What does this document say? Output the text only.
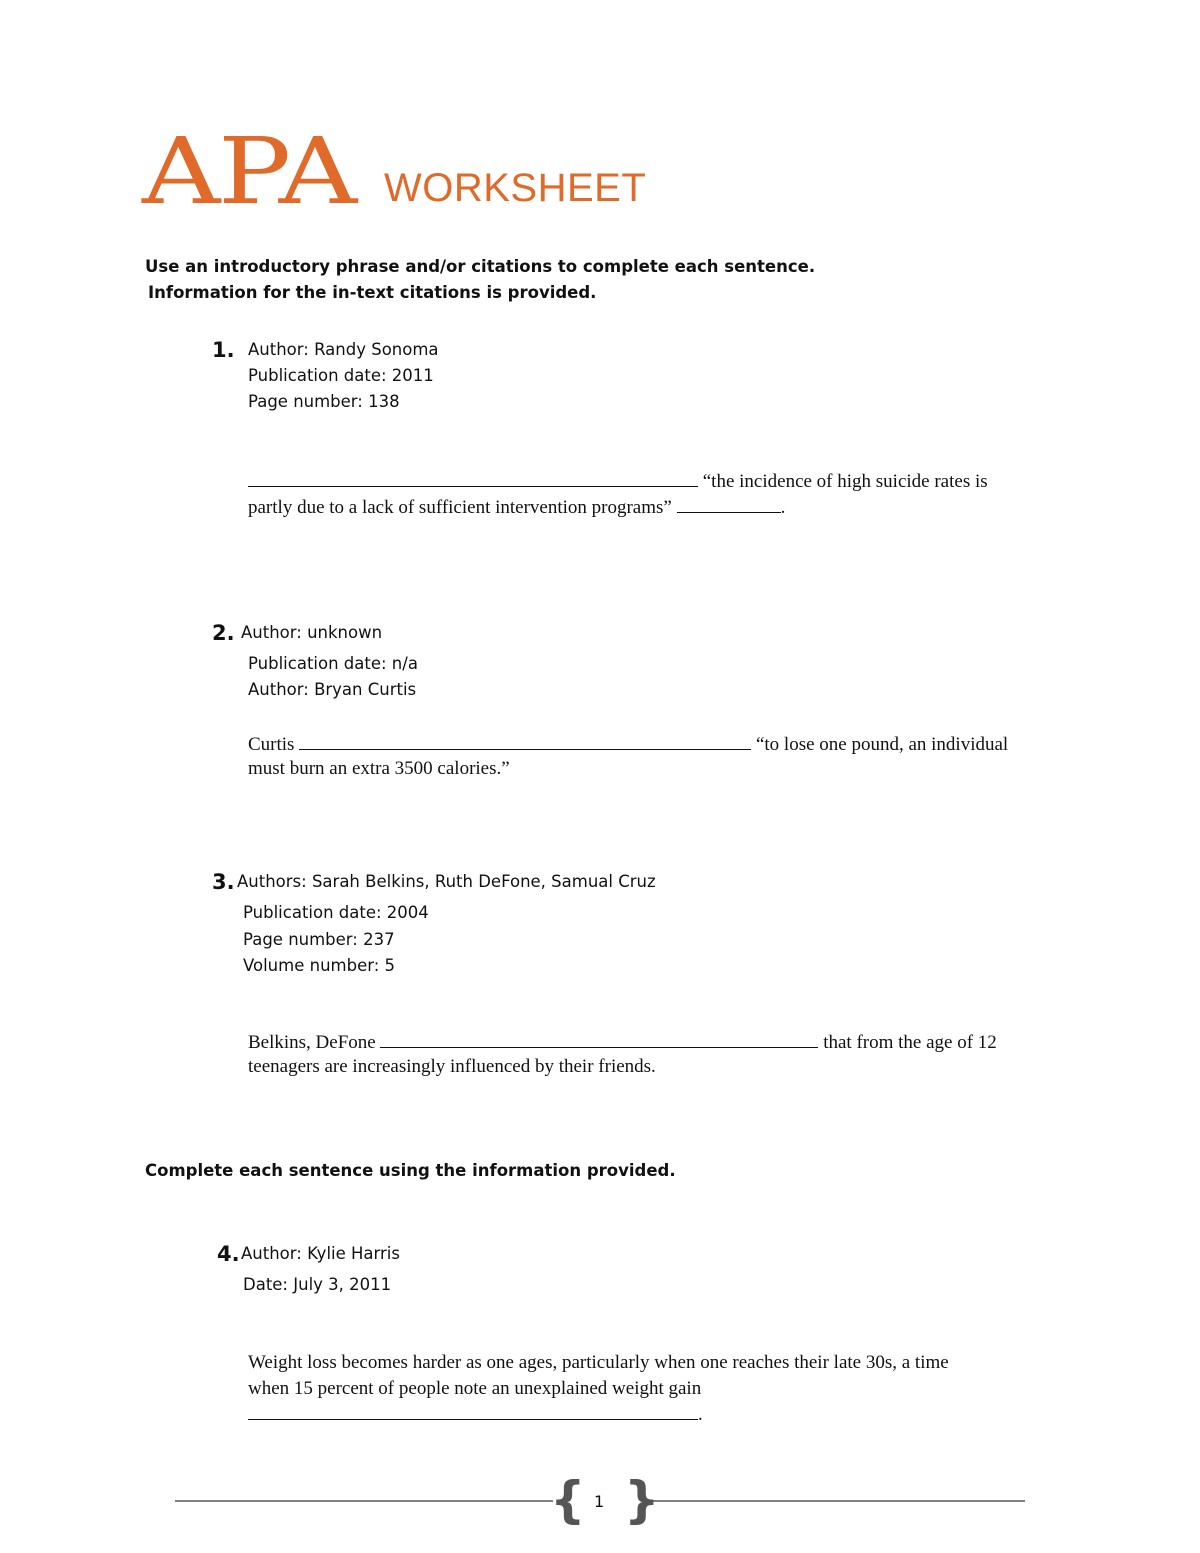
APA WORKSHEET
Use an introductory phrase and/or citations to complete each sentence.
Information for the in-text citations is provided.
1. Author: Randy Sonoma
Publication date: 2011
Page number: 138
“the incidence of high suicide rates is
partly due to a lack of sufficient intervention programs”	.
2. Author: unknown
Publication date: n/a
Author: Bryan Curtis
Curtis	“to lose one pound, an individual
must burn an extra 3500 calories.”
3. Authors: Sarah Belkins, Ruth DeFone, Samual Cruz
Publication date: 2004
Page number: 237
Volume number: 5
Belkins, DeFone	that from the age of 12
teenagers are increasingly influenced by their friends.
Complete each sentence using the information provided.
4. Author: Kylie Harris
Date: July 3, 2011
Weight loss becomes harder as one ages, particularly when one reaches their late 30s, a time
when 15 percent of people note an unexplained weight gain
.
{ }
1
